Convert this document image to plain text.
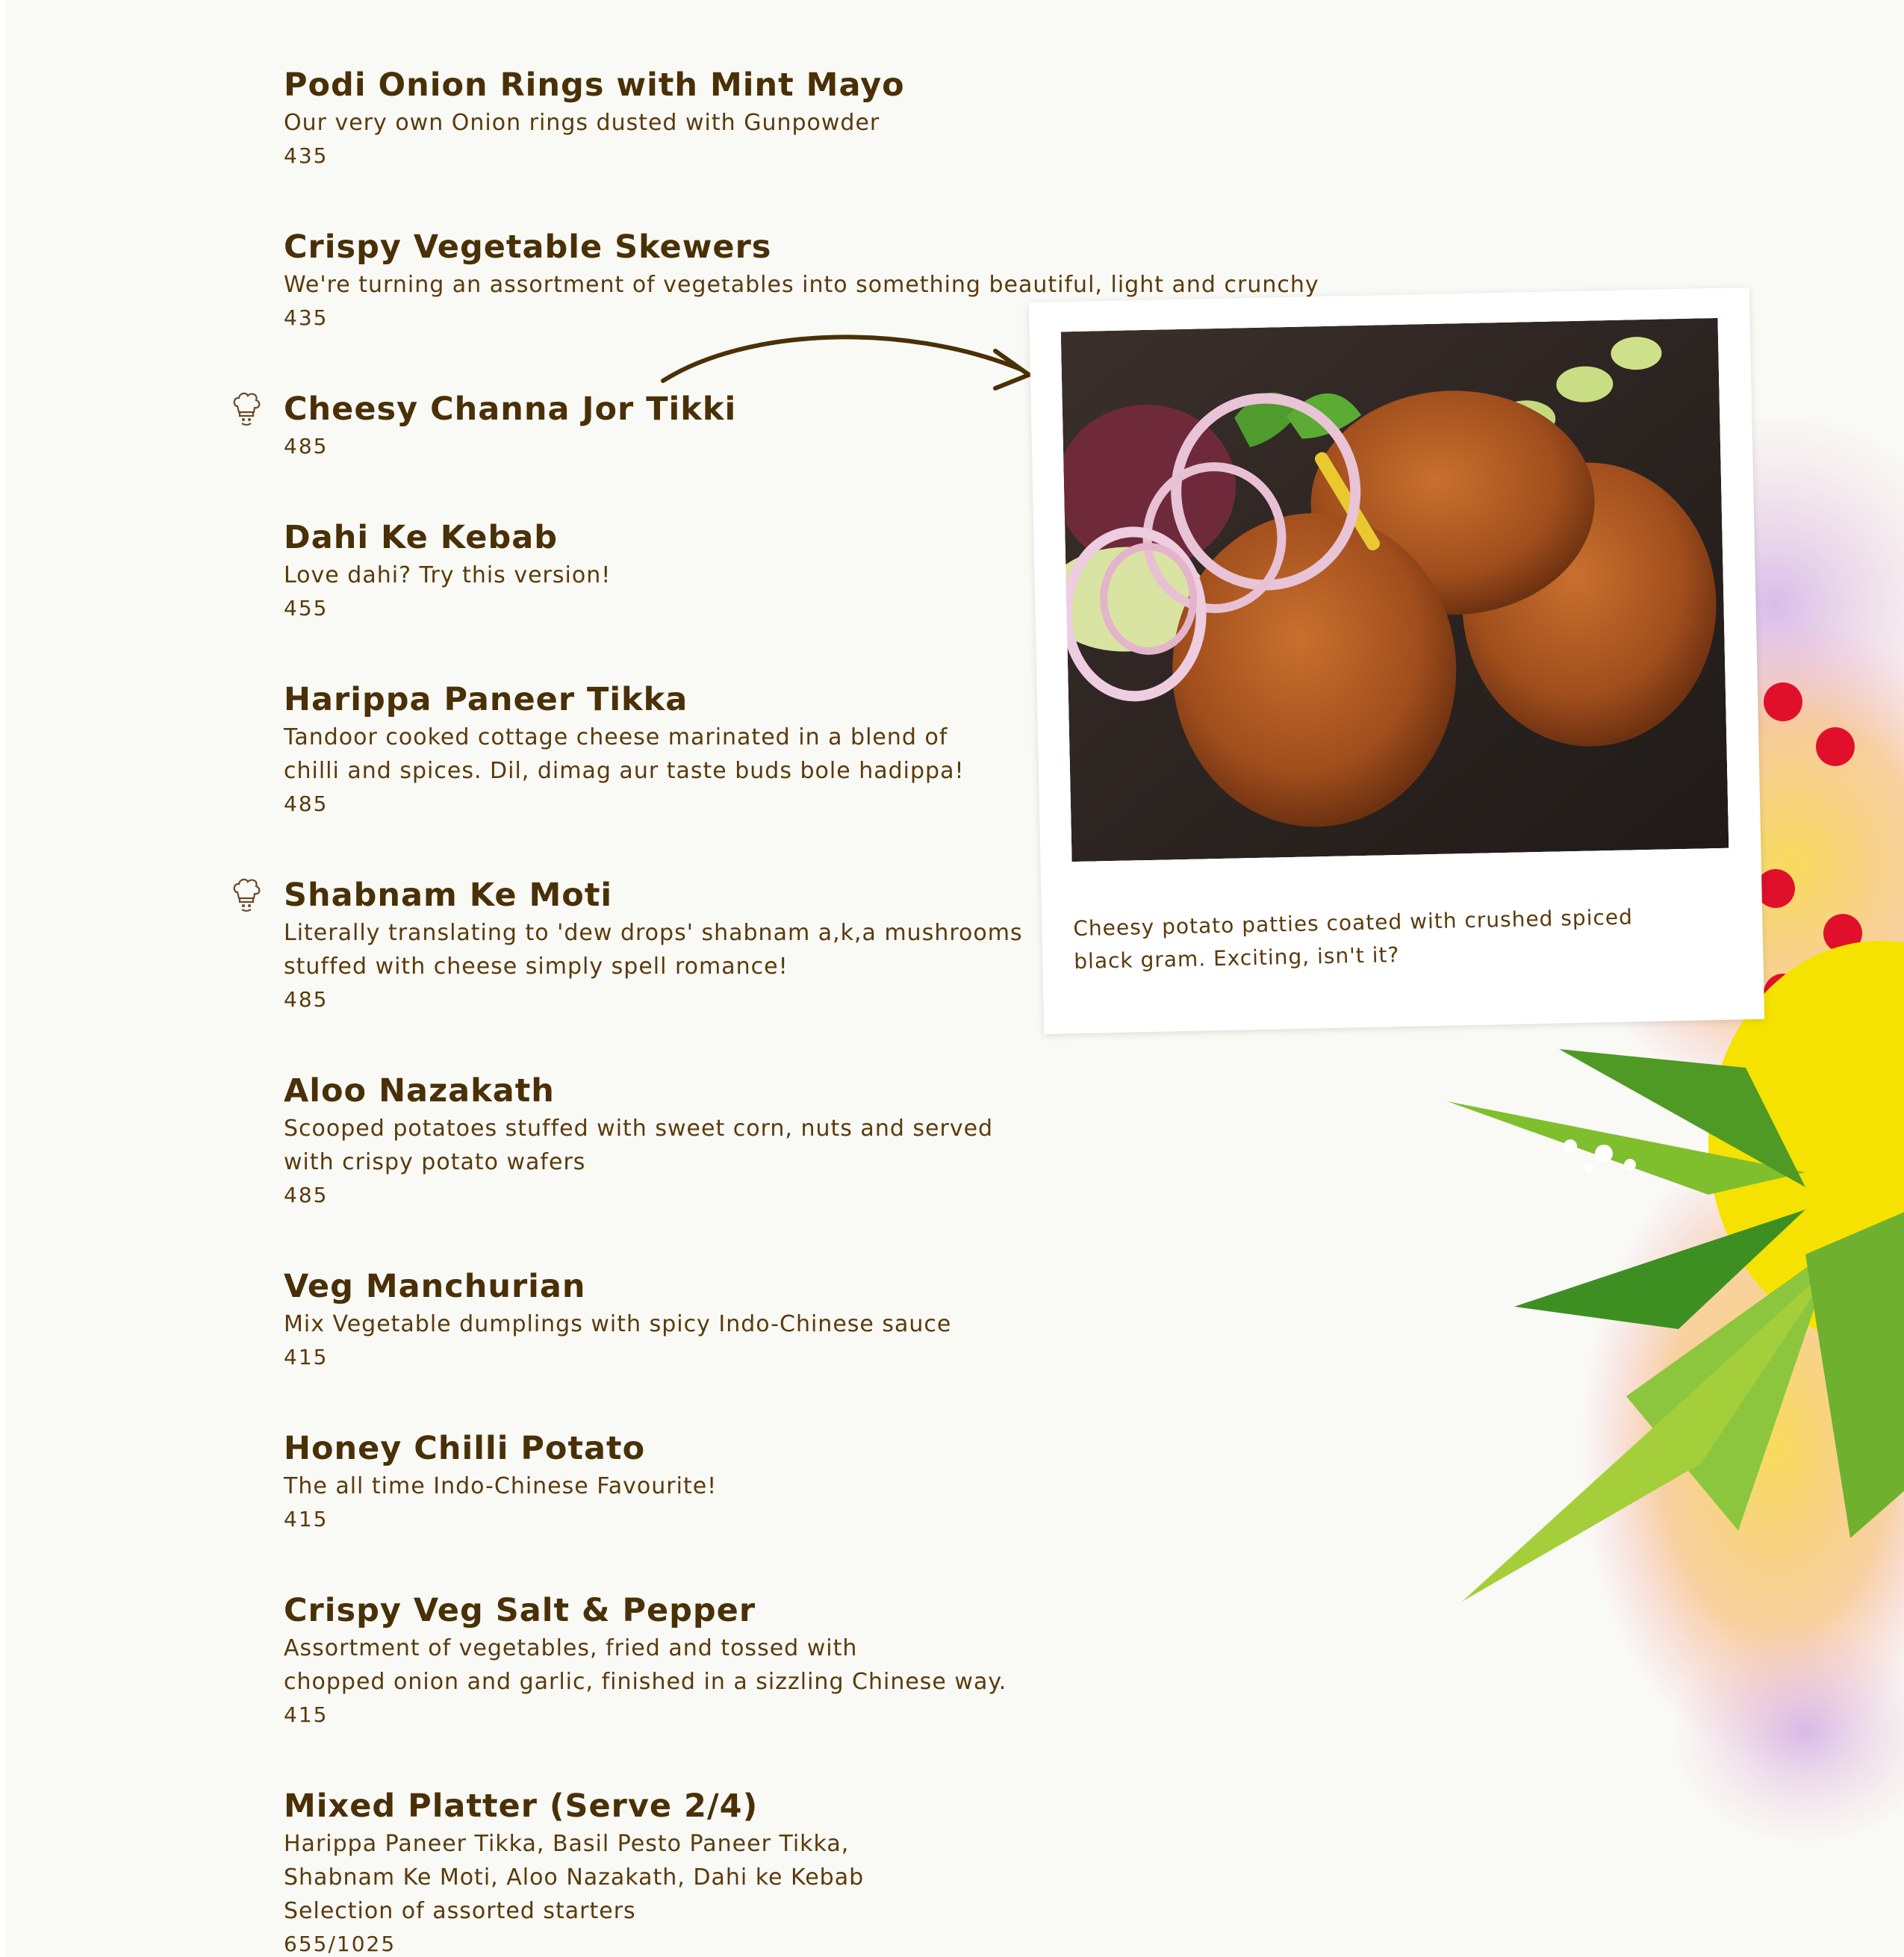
Podi Onion Rings with Mint Mayo

Our very own Onion rings dusted with Gunpowder

435

Crispy Vegetable Skewers

We're turning an assortment of vegetables into something beautiful, light and crunchy

435

Cheesy Channa Jor Tikki

485

Dahi Ke Kebab

Love dahi? Try this version!

455

Harippa Paneer Tikka

Tandoor cooked cottage cheese marinated in a blend of
chilli and spices. Dil, dimag aur taste buds bole hadippa!

485

Shabnam Ke Moti

Literally translating to 'dew drops' shabnam a,k,a mushrooms
stuffed with cheese simply spell romance!

485

Aloo Nazakath

Scooped potatoes stuffed with sweet corn, nuts and served
with crispy potato wafers

485

Veg Manchurian

Mix Vegetable dumplings with spicy Indo-Chinese sauce

415

Honey Chilli Potato

The all time Indo-Chinese Favourite!

415

Crispy Veg Salt & Pepper

Assortment of vegetables, fried and tossed with
chopped onion and garlic, finished in a sizzling Chinese way.

415

Mixed Platter (Serve 2/4)

Harippa Paneer Tikka, Basil Pesto Paneer Tikka,
Shabnam Ke Moti, Aloo Nazakath, Dahi ke Kebab
Selection of assorted starters

655/1025

Cheesy potato patties coated with crushed spiced
black gram. Exciting, isn't it?
